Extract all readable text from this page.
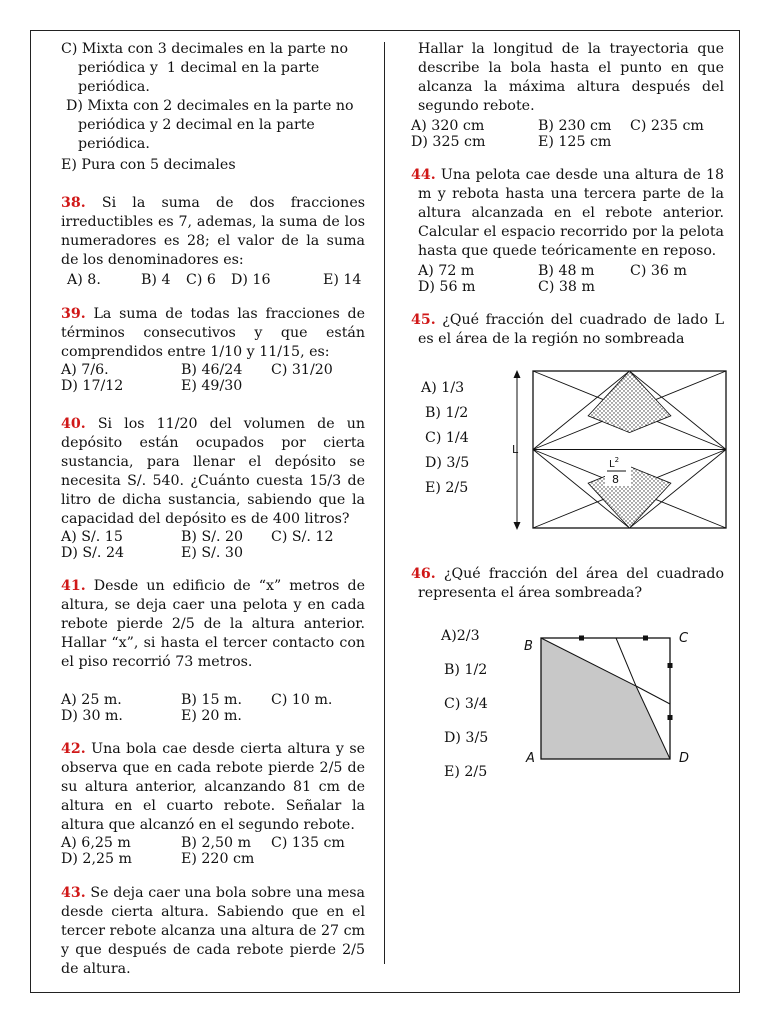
C) Mixta con 3 decimales en la parte no

periódica y  1 decimal en la parte

periódica.

D) Mixta con 2 decimales en la parte no

periódica y 2 decimal en la parte

periódica.

E) Pura con 5 decimales

38. Si la suma de dos fracciones irreductibles es 7, ademas, la suma de los numeradores es 28; el valor de la suma de los denominadores es:

A) 8.	B) 4	C) 6	D) 16	E) 14

39. La suma de todas las fracciones de términos consecutivos y que están comprendidos entre 1/10 y 11/15, es:

A) 7/6.	B) 46/24	C) 31/20
D) 17/12	E) 49/30

40. Si los 11/20 del volumen de un depósito están ocupados por cierta sustancia, para llenar el depósito se necesita S/. 540. ¿Cuánto cuesta 15/3 de litro de dicha sustancia, sabiendo que la capacidad del depósito es de 400 litros?

A) S/. 15	B) S/. 20	C) S/. 12
D) S/. 24	E) S/. 30

41. Desde un edificio de “x” metros de altura, se deja caer una pelota y en cada rebote pierde 2/5 de la altura anterior. Hallar “x”, si hasta el tercer contacto con el piso recorrió 73 metros.

A) 25 m.	B) 15 m.	C) 10 m.
D) 30 m.	E) 20 m.

42. Una bola cae desde cierta altura y se observa que en cada rebote pierde 2/5 de su altura anterior, alcanzando 81 cm de altura en el cuarto rebote. Señalar la altura que alcanzó en el segundo rebote.

A) 6,25 m	B) 2,50 m	C) 135 cm
D) 2,25 m	E) 220 cm

43. Se deja caer una bola sobre una mesa desde cierta altura. Sabiendo que en el tercer rebote alcanza una altura de 27 cm y que después de cada rebote pierde 2/5 de altura.

Hallar la longitud de la trayectoria que describe la bola hasta el punto en que alcanza la máxima altura después del segundo rebote.

A) 320 cm	B) 230 cm	C) 235 cm
D) 325 cm	E) 125 cm

44. Una pelota cae desde una altura de 18 m y rebota hasta una tercera parte de la altura alcanzada en el rebote anterior. Calcular el espacio recorrido por la pelota hasta que quede teóricamente en reposo.

A) 72 m	B) 48 m	C) 36 m
D) 56 m	C) 38 m

45. ¿Qué fracción del cuadrado de lado L es el área de la región no sombreada

A) 1/3
B) 1/2
C) 1/4
D) 3/5
E) 2/5
L
$L^2$
8

46. ¿Qué fracción del área del cuadrado representa el área sombreada?

A)2/3
B) 1/2
C) 3/4
D) 3/5
E) 2/5
B
C
A	D
